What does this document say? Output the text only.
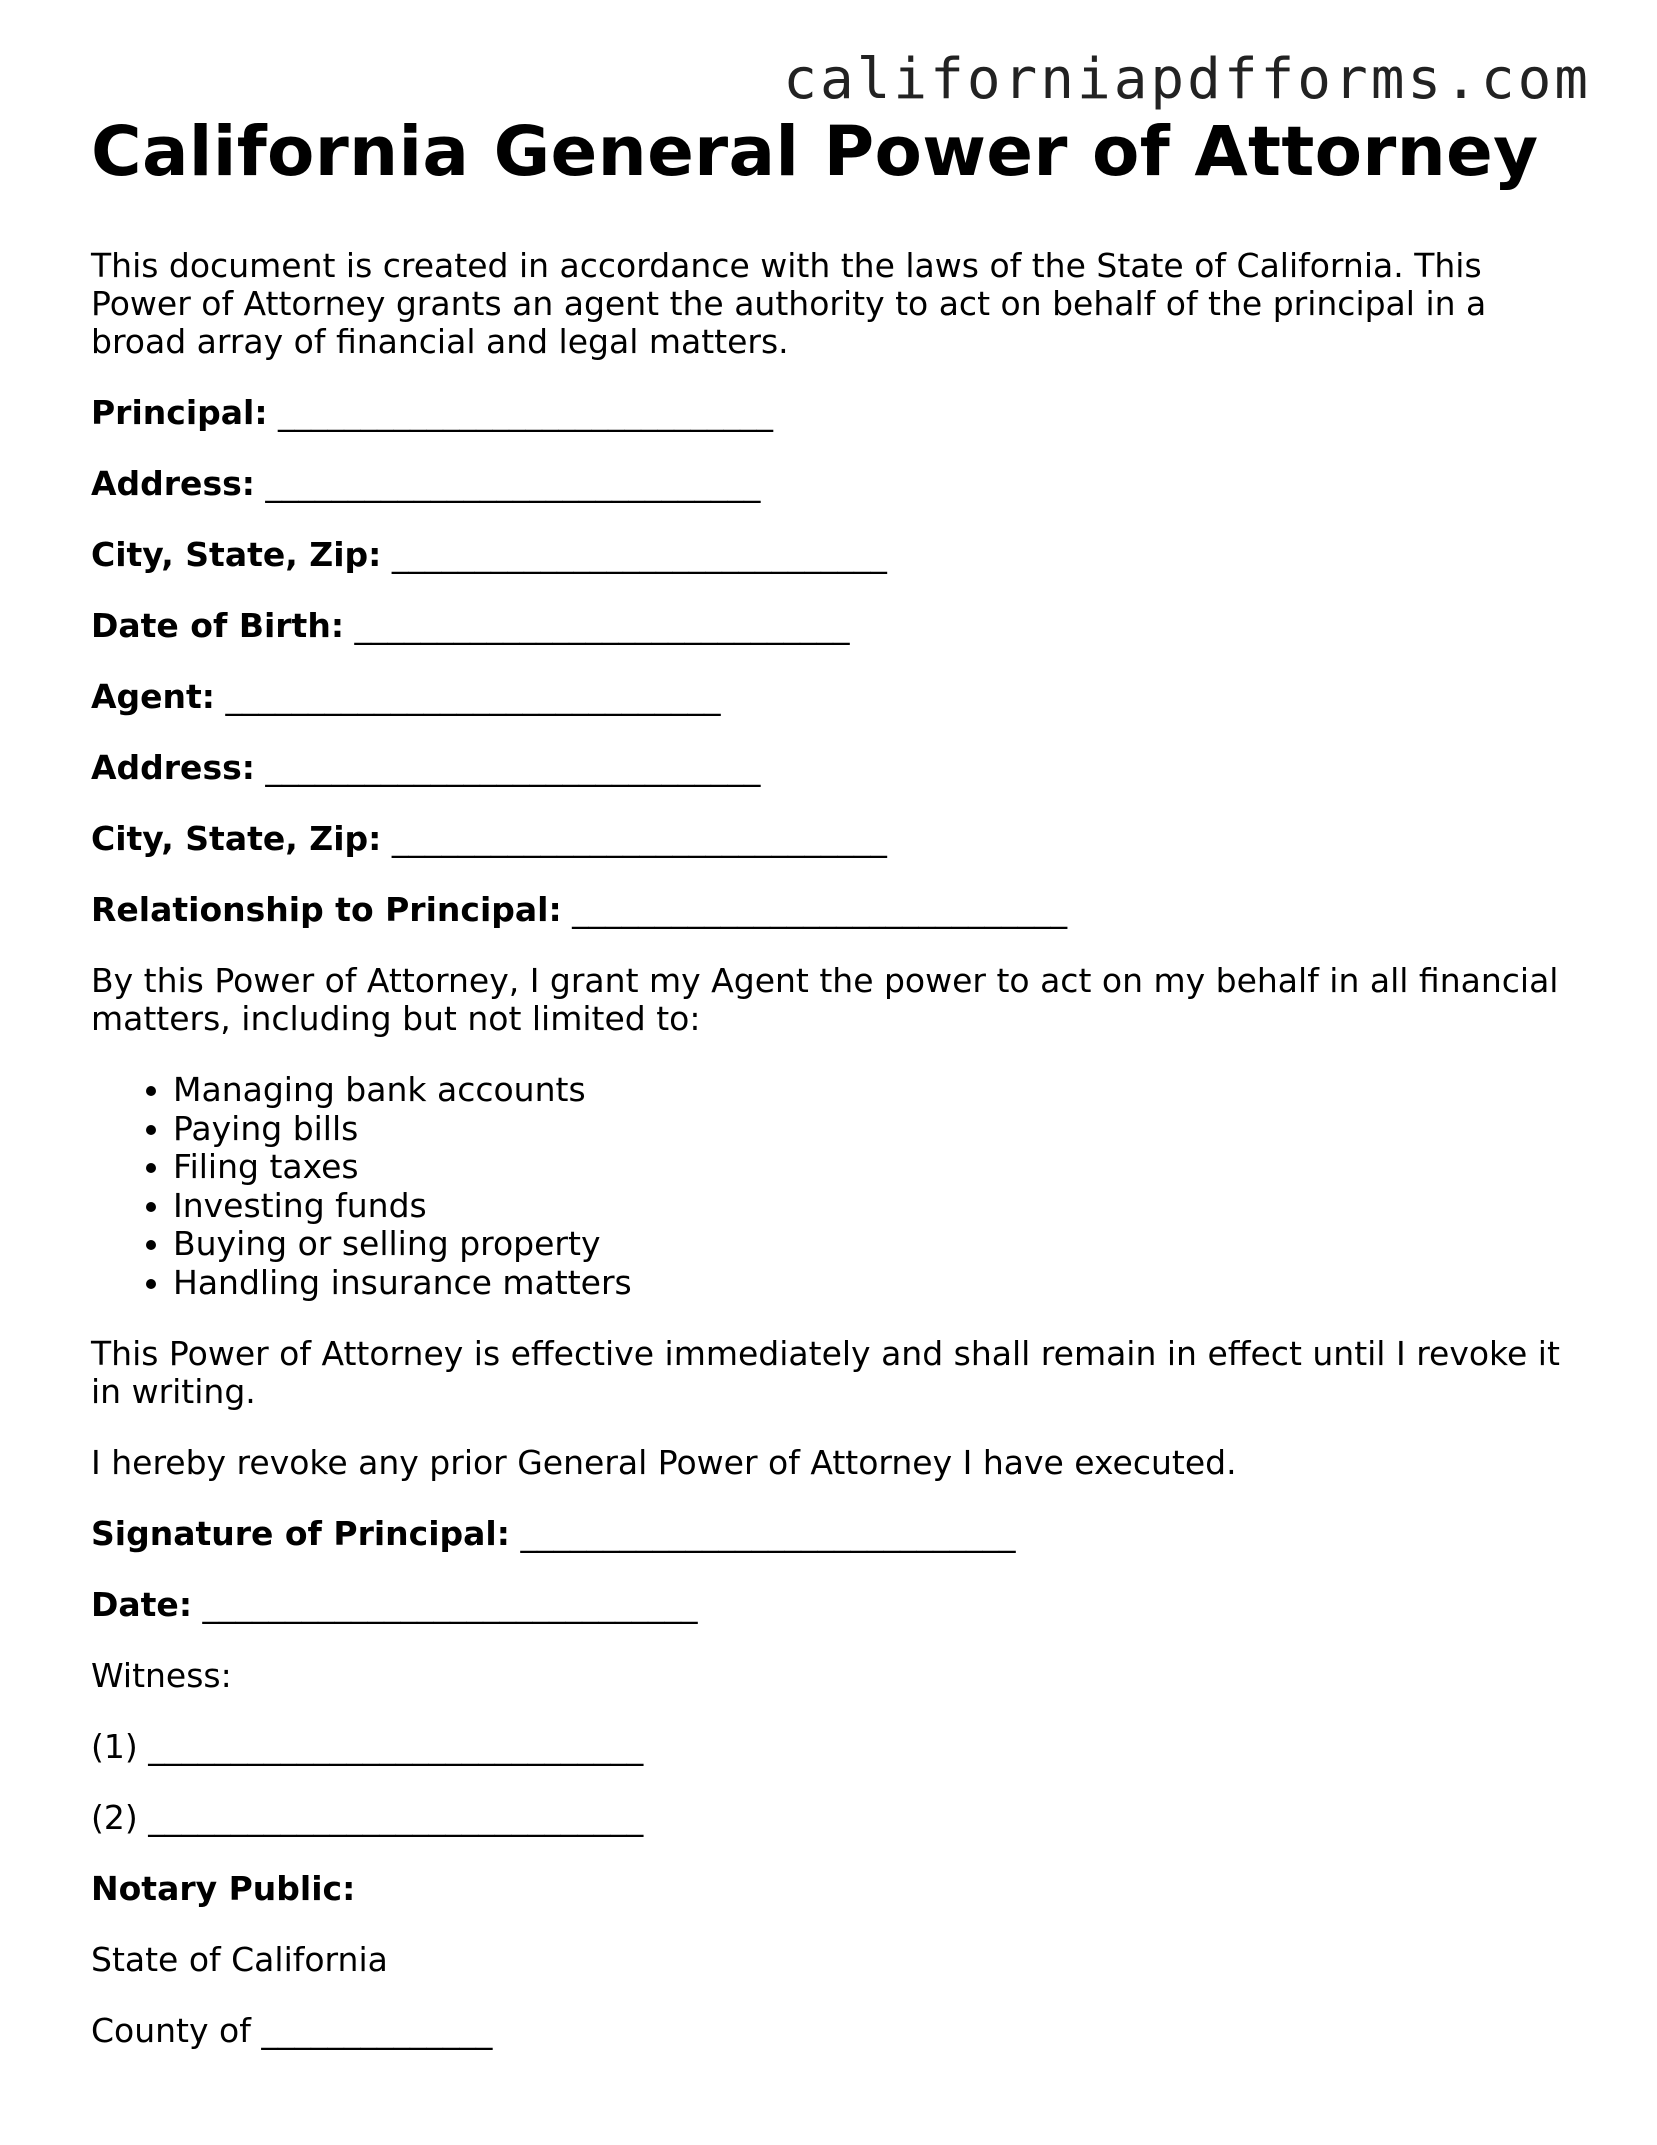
californiapdfforms.com
California General Power of Attorney

This document is created in accordance with the laws of the State of California. This Power of Attorney grants an agent the authority to act on behalf of the principal in a broad array of financial and legal matters.

Principal: ______________________________

Address: ______________________________

City, State, Zip: ______________________________

Date of Birth: ______________________________

Agent: ______________________________

Address: ______________________________

City, State, Zip: ______________________________

Relationship to Principal: ______________________________

By this Power of Attorney, I grant my Agent the power to act on my behalf in all financial matters, including but not limited to:

• Managing bank accounts
• Paying bills
• Filing taxes
• Investing funds
• Buying or selling property
• Handling insurance matters

This Power of Attorney is effective immediately and shall remain in effect until I revoke it in writing.

I hereby revoke any prior General Power of Attorney I have executed.

Signature of Principal: ______________________________

Date: ______________________________

Witness:

(1) ______________________________

(2) ______________________________

Notary Public:

State of California

County of ______________
